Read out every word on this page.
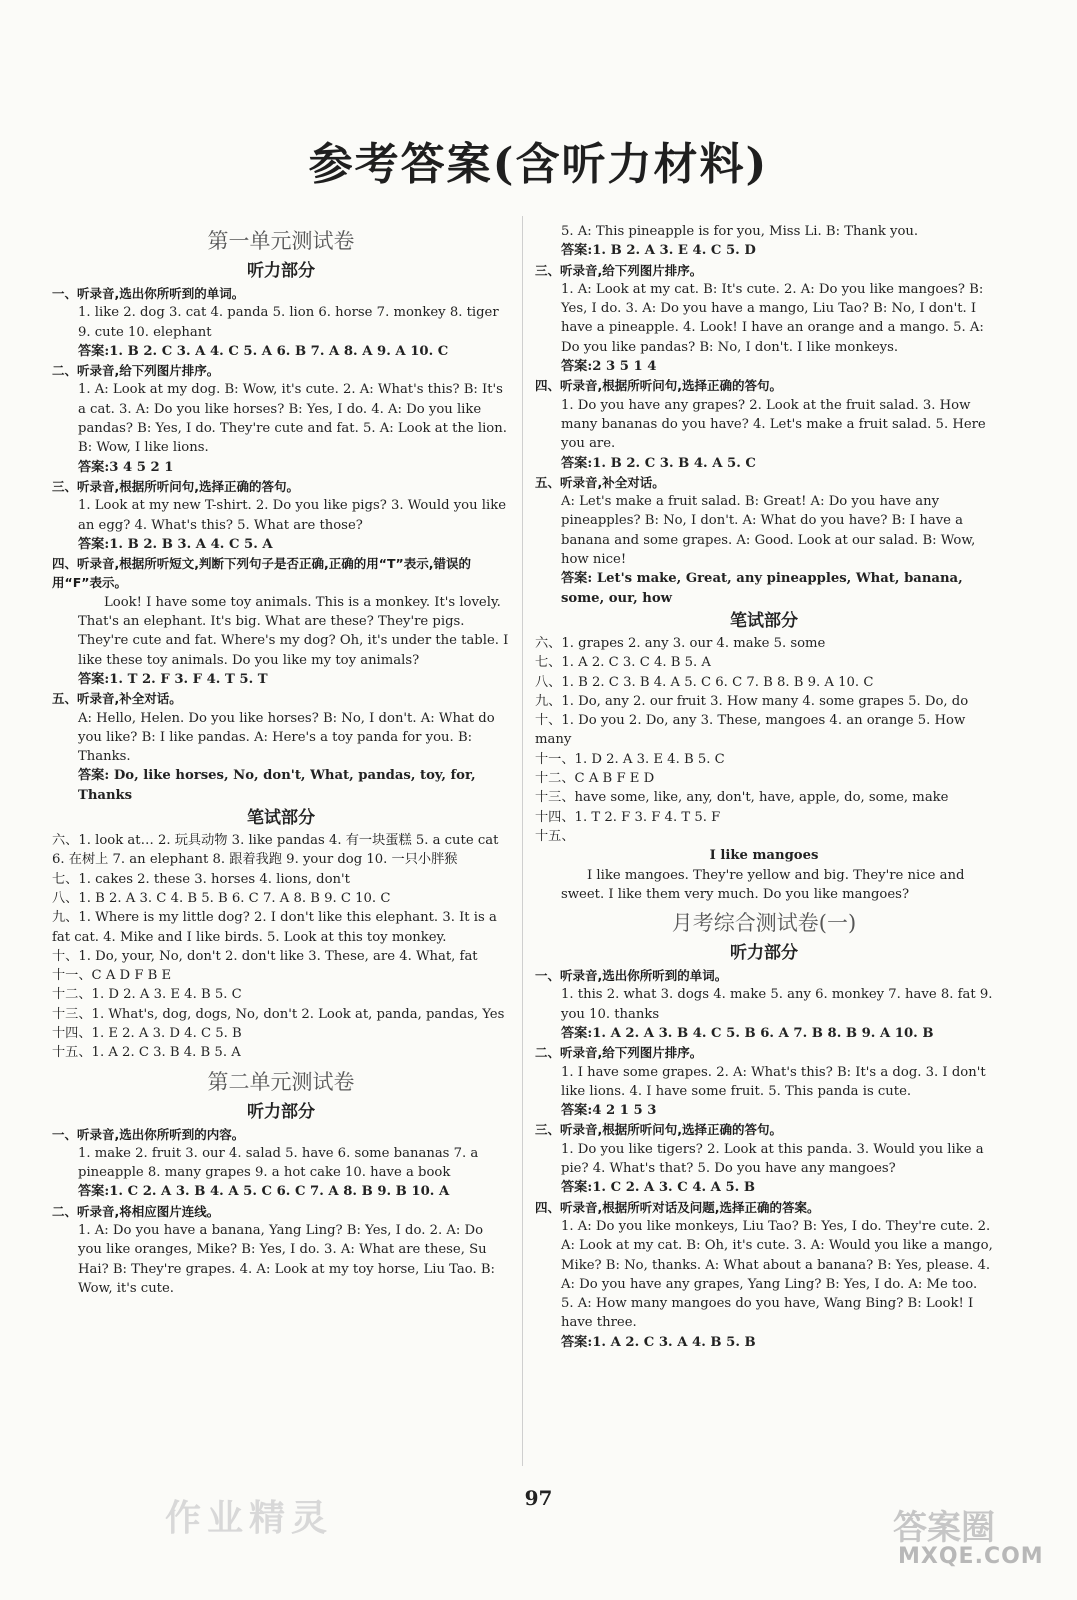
参考答案(含听力材料)
第一单元测试卷
听力部分
一、听录音,选出你所听到的单词。
1. like 2. dog 3. cat 4. panda 5. lion 6. horse 7. monkey 8. tiger 9. cute 10. elephant
答案:1. B 2. C 3. A 4. C 5. A 6. B 7. A 8. A 9. A 10. C
二、听录音,给下列图片排序。
1. A: Look at my dog. B: Wow, it's cute. 2. A: What's this? B: It's a cat. 3. A: Do you like horses? B: Yes, I do. 4. A: Do you like pandas? B: Yes, I do. They're cute and fat. 5. A: Look at the lion. B: Wow, I like lions.
答案:3 4 5 2 1
三、听录音,根据所听问句,选择正确的答句。
1. Look at my new T-shirt. 2. Do you like pigs? 3. Would you like an egg? 4. What's this? 5. What are those?
答案:1. B 2. B 3. A 4. C 5. A
四、听录音,根据所听短文,判断下列句子是否正确,正确的用“T”表示,错误的用“F”表示。
Look! I have some toy animals. This is a monkey. It's lovely. That's an elephant. It's big. What are these? They're pigs. They're cute and fat. Where's my dog? Oh, it's under the table. I like these toy animals. Do you like my toy animals?
答案:1. T 2. F 3. F 4. T 5. T
五、听录音,补全对话。
A: Hello, Helen. Do you like horses? B: No, I don't. A: What do you like? B: I like pandas. A: Here's a toy panda for you. B: Thanks.
答案: Do, like horses, No, don't, What, pandas, toy, for, Thanks
笔试部分
六、1. look at… 2. 玩具动物 3. like pandas 4. 有一块蛋糕 5. a cute cat 6. 在树上 7. an elephant 8. 跟着我跑 9. your dog 10. 一只小胖猴
七、1. cakes 2. these 3. horses 4. lions, don't
八、1. B 2. A 3. C 4. B 5. B 6. C 7. A 8. B 9. C 10. C
九、1. Where is my little dog? 2. I don't like this elephant. 3. It is a fat cat. 4. Mike and I like birds. 5. Look at this toy monkey.
十、1. Do, your, No, don't 2. don't like 3. These, are 4. What, fat
十一、C A D F B E
十二、1. D 2. A 3. E 4. B 5. C
十三、1. What's, dog, dogs, No, don't 2. Look at, panda, pandas, Yes
十四、1. E 2. A 3. D 4. C 5. B
十五、1. A 2. C 3. B 4. B 5. A
第二单元测试卷
听力部分
一、听录音,选出你所听到的内容。
1. make 2. fruit 3. our 4. salad 5. have 6. some bananas 7. a pineapple 8. many grapes 9. a hot cake 10. have a book
答案:1. C 2. A 3. B 4. A 5. C 6. C 7. A 8. B 9. B 10. A
二、听录音,将相应图片连线。
1. A: Do you have a banana, Yang Ling? B: Yes, I do. 2. A: Do you like oranges, Mike? B: Yes, I do. 3. A: What are these, Su Hai? B: They're grapes. 4. A: Look at my toy horse, Liu Tao. B: Wow, it's cute.
5. A: This pineapple is for you, Miss Li. B: Thank you.
答案:1. B 2. A 3. E 4. C 5. D
三、听录音,给下列图片排序。
1. A: Look at my cat. B: It's cute. 2. A: Do you like mangoes? B: Yes, I do. 3. A: Do you have a mango, Liu Tao? B: No, I don't. I have a pineapple. 4. Look! I have an orange and a mango. 5. A: Do you like pandas? B: No, I don't. I like monkeys.
答案:2 3 5 1 4
四、听录音,根据所听问句,选择正确的答句。
1. Do you have any grapes? 2. Look at the fruit salad. 3. How many bananas do you have? 4. Let's make a fruit salad. 5. Here you are.
答案:1. B 2. C 3. B 4. A 5. C
五、听录音,补全对话。
A: Let's make a fruit salad. B: Great! A: Do you have any pineapples? B: No, I don't. A: What do you have? B: I have a banana and some grapes. A: Good. Look at our salad. B: Wow, how nice!
答案: Let's make, Great, any pineapples, What, banana, some, our, how
笔试部分
六、1. grapes 2. any 3. our 4. make 5. some
七、1. A 2. C 3. C 4. B 5. A
八、1. B 2. C 3. B 4. A 5. C 6. C 7. B 8. B 9. A 10. C
九、1. Do, any 2. our fruit 3. How many 4. some grapes 5. Do, do
十、1. Do you 2. Do, any 3. These, mangoes 4. an orange 5. How many
十一、1. D 2. A 3. E 4. B 5. C
十二、C A B F E D
十三、have some, like, any, don't, have, apple, do, some, make
十四、1. T 2. F 3. F 4. T 5. F
十五、
I like mangoes
I like mangoes. They're yellow and big. They're nice and sweet. I like them very much. Do you like mangoes?
月考综合测试卷(一)
听力部分
一、听录音,选出你所听到的单词。
1. this 2. what 3. dogs 4. make 5. any 6. monkey 7. have 8. fat 9. you 10. thanks
答案:1. A 2. A 3. B 4. C 5. B 6. A 7. B 8. B 9. A 10. B
二、听录音,给下列图片排序。
1. I have some grapes. 2. A: What's this? B: It's a dog. 3. I don't like lions. 4. I have some fruit. 5. This panda is cute.
答案:4 2 1 5 3
三、听录音,根据所听问句,选择正确的答句。
1. Do you like tigers? 2. Look at this panda. 3. Would you like a pie? 4. What's that? 5. Do you have any mangoes?
答案:1. C 2. A 3. C 4. A 5. B
四、听录音,根据所听对话及问题,选择正确的答案。
1. A: Do you like monkeys, Liu Tao? B: Yes, I do. They're cute. 2. A: Look at my cat. B: Oh, it's cute. 3. A: Would you like a mango, Mike? B: No, thanks. A: What about a banana? B: Yes, please. 4. A: Do you have any grapes, Yang Ling? B: Yes, I do. A: Me too. 5. A: How many mangoes do you have, Wang Bing? B: Look! I have three.
答案:1. A 2. C 3. A 4. B 5. B
97
作业精灵	答案圈
MXQE.COM
